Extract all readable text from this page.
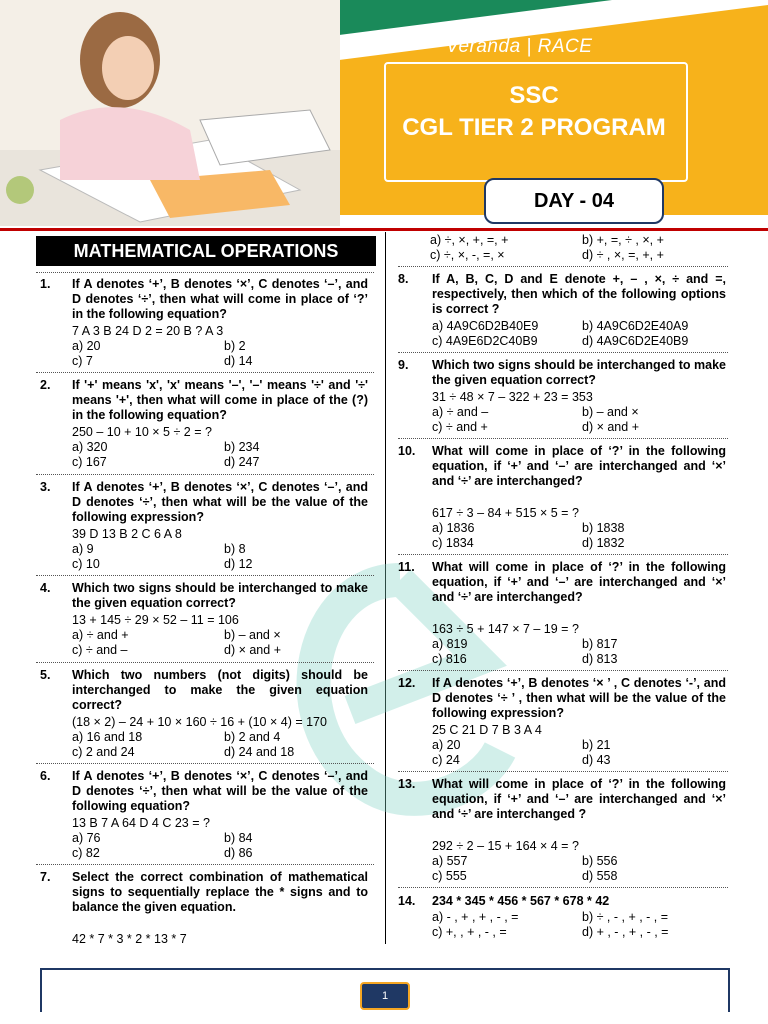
Veranda | RACE
SSC
CGL TIER 2 PROGRAM
DAY - 04
MATHEMATICAL OPERATIONS
1. If A denotes ‘+’, B denotes ‘×’, C denotes ‘–’, and D denotes ‘÷’, then what will come in place of ‘?’ in the following equation?
7 A 3 B 24 D 2 = 20 B ? A 3
a) 20	b) 2
c) 7	d) 14
2. If '+' means 'x', 'x' means '–', '–' means '÷' and '÷' means '+', then what will come in place of the (?) in the following equation?
250 – 10 + 10 × 5 ÷ 2 = ?
a) 320	b) 234
c) 167	d) 247
3. If A denotes ‘+’, B denotes ‘×’, C denotes ‘–’, and D denotes ‘÷’, then what will be the value of the following expression?
39 D 13 B 2 C 6 A 8
a) 9	b) 8
c) 10	d) 12
4. Which two signs should be interchanged to make the given equation correct?
13 + 145 ÷ 29 × 52 – 11 = 106
a) ÷ and +	b) – and ×
c) ÷ and –	d) × and +
5. Which two numbers (not digits) should be interchanged to make the given equation correct?
(18 × 2) – 24 + 10 × 160 ÷ 16 + (10 × 4) = 170
a) 16 and 18	b) 2 and 4
c) 2 and 24	d) 24 and 18
6. If A denotes ‘+’, B denotes ‘×’, C denotes ‘–’, and D denotes ‘÷’, then what will be the value of the following equation?
13 B 7 A 64 D 4 C 23 = ?
a) 76	b) 84
c) 82	d) 86
7. Select the correct combination of mathematical signs to sequentially replace the * signs and to balance the given equation.
42 * 7 * 3 * 2 * 13 * 7
a) ÷, ×, +, =, +	b) +, =, ÷ , ×, +
c) ÷, ×, -, =, ×	d) ÷ , ×, =, +, +
8. If A, B, C, D and E denote +, – , ×, ÷ and =, respectively, then which of the following options is correct ?
a) 4A9C6D2B40E9	b) 4A9C6D2E40A9
c) 4A9E6D2C40B9	d) 4A9C6D2E40B9
9. Which two signs should be interchanged to make the given equation correct?
31 ÷ 48 × 7 – 322 + 23 = 353
a) ÷ and –	b) – and ×
c) ÷ and +	d) × and +
10. What will come in place of ‘?’ in the following equation, if ‘+’ and ‘–’ are interchanged and ‘×’ and ‘÷’ are interchanged?
617 ÷ 3 – 84 + 515 × 5 = ?
a) 1836	b) 1838
c) 1834	d) 1832
11. What will come in place of ‘?’ in the following equation, if ‘+’ and ‘–’ are interchanged and ‘×’ and ‘÷’ are interchanged?
163 ÷ 5 + 147 × 7 – 19 = ?
a) 819	b) 817
c) 816	d) 813
12. If A denotes ‘+’, B denotes ‘× ’ , C denotes ‘-’, and D denotes ‘÷ ’ , then what will be the value of the following expression?
25 C 21 D 7 B 3 A 4
a) 20	b) 21
c) 24	d) 43
13. What will come in place of ‘?’ in the following equation, if ‘+’ and ‘–’ are interchanged and ‘×’ and ‘÷’ are interchanged ?
292 ÷ 2 – 15 + 164 × 4 = ?
a) 557	b) 556
c) 555	d) 558
14. 234 * 345 * 456 * 567 * 678 * 42
a) - , + , + , - , =	b) ÷ , - , + , - , =
c) +, , + , - , =	d) + , - , + , - , =
1
